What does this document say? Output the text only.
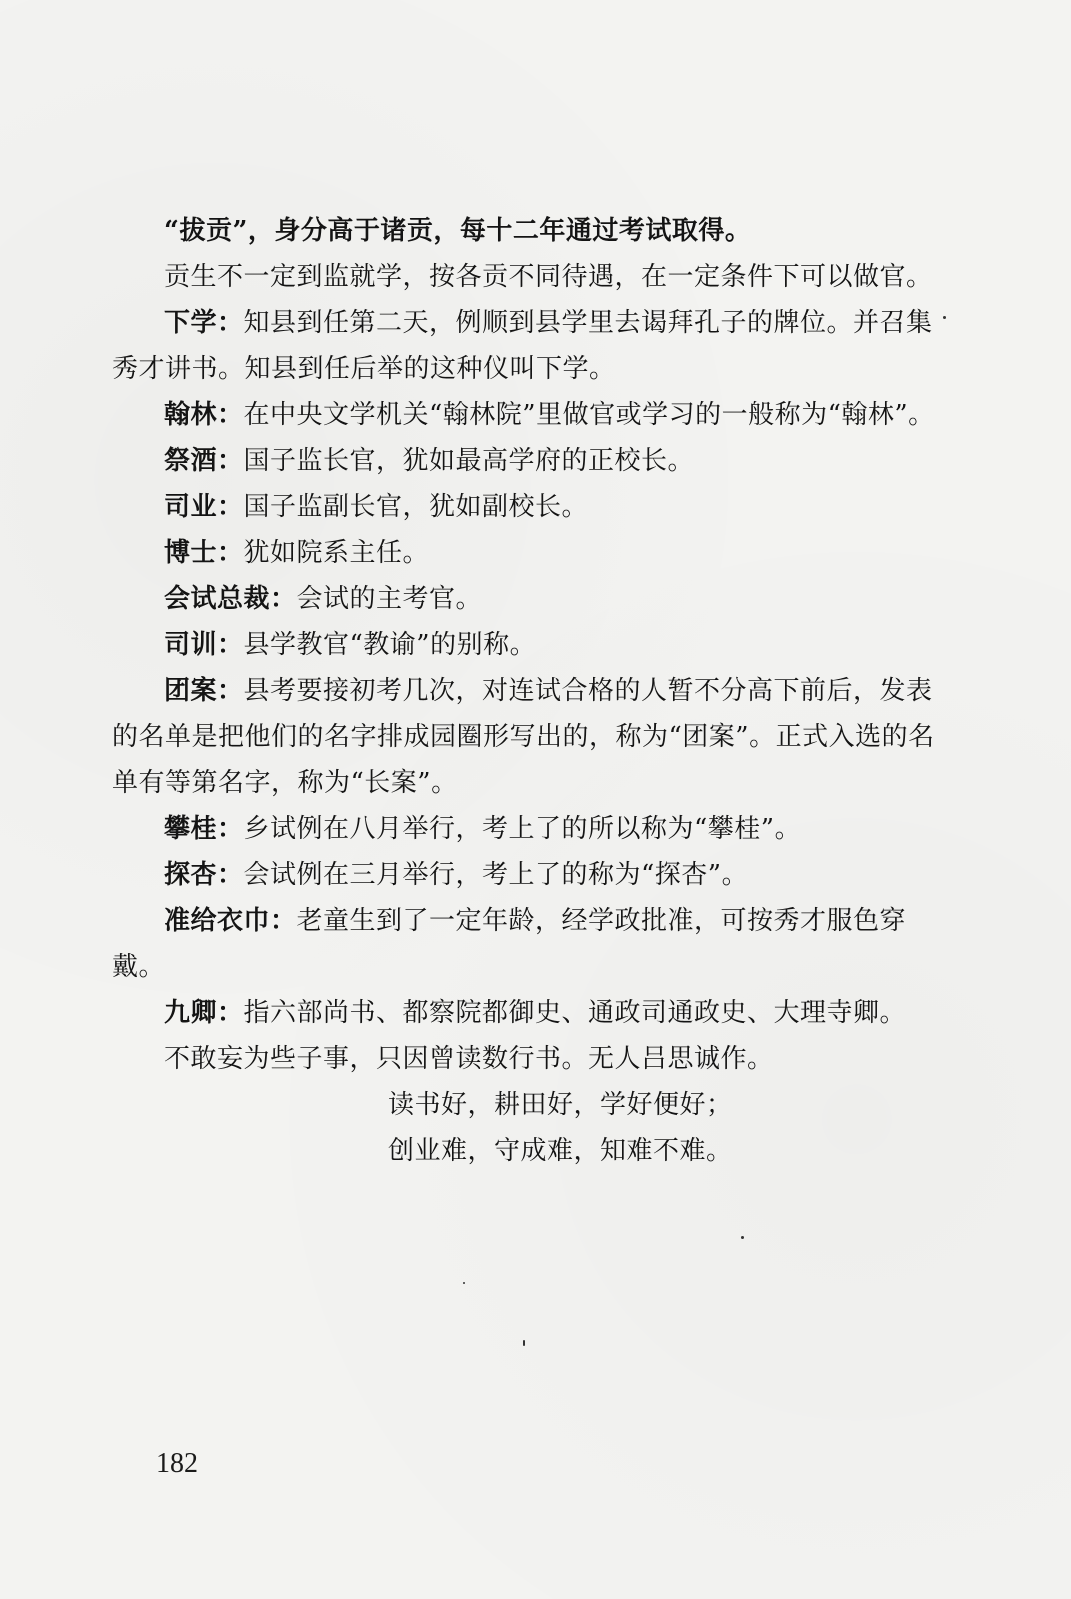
“拔贡”，身分高于诸贡，每十二年通过考试取得。

贡生不一定到监就学，按各贡不同待遇，在一定条件下可以做官。

下学：知县到任第二天，例顺到县学里去谒拜孔子的牌位。并召集秀才讲书。知县到任后举的这种仪叫下学。

翰林：在中央文学机关“翰林院”里做官或学习的一般称为“翰林”。

祭酒：国子监长官，犹如最高学府的正校长。

司业：国子监副长官，犹如副校长。

博士：犹如院系主任。

会试总裁：会试的主考官。

司训：县学教官“教谕”的别称。

团案：县考要接初考几次，对连试合格的人暂不分高下前后，发表的名单是把他们的名字排成园圈形写出的，称为“团案”。正式入选的名单有等第名字，称为“长案”。

攀桂：乡试例在八月举行，考上了的所以称为“攀桂”。

探杏：会试例在三月举行，考上了的称为“探杏”。

准给衣巾：老童生到了一定年龄，经学政批准，可按秀才服色穿戴。

九卿：指六部尚书、都察院都御史、通政司通政史、大理寺卿。

不敢妄为些子事，只因曾读数行书。无人吕思诚作。

读书好，耕田好，学好便好；

创业难，守成难，知难不难。

182
